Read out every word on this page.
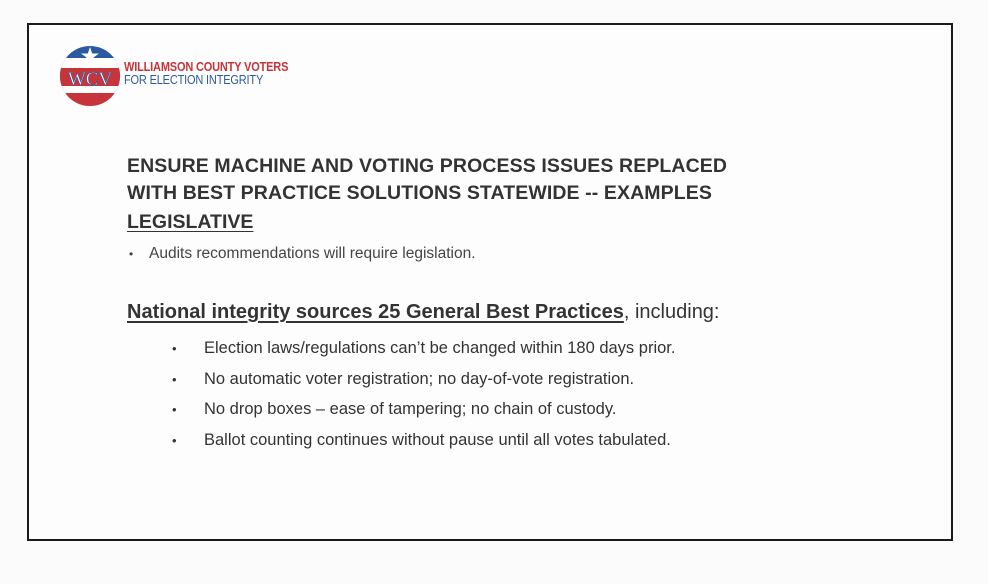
WCV
WILLIAMSON COUNTY VOTERS
FOR ELECTION INTEGRITY
ENSURE MACHINE AND VOTING PROCESS ISSUES REPLACED
WITH BEST PRACTICE SOLUTIONS STATEWIDE -- EXAMPLES
LEGISLATIVE
• Audits recommendations will require legislation.
National integrity sources 25 General Best Practices, including:
• Election laws/regulations can’t be changed within 180 days prior.
• No automatic voter registration; no day-of-vote registration.
• No drop boxes – ease of tampering; no chain of custody.
• Ballot counting continues without pause until all votes tabulated.
